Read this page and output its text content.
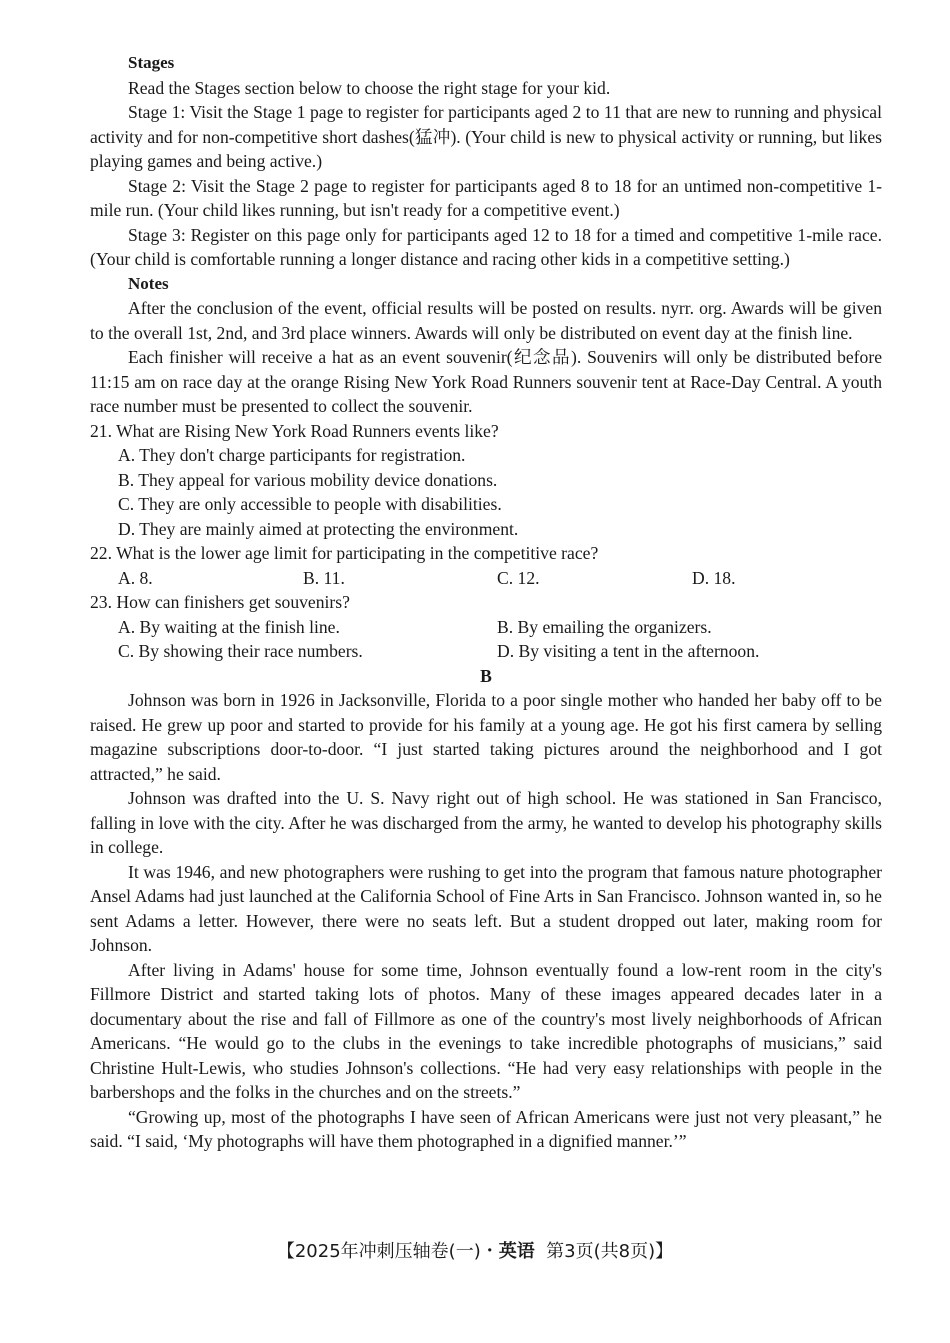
Stages

Read the Stages section below to choose the right stage for your kid.

Stage 1: Visit the Stage 1 page to register for participants aged 2 to 11 that are new to running and physical activity and for non-competitive short dashes(猛冲). (Your child is new to physical activity or running, but likes playing games and being active.)

Stage 2: Visit the Stage 2 page to register for participants aged 8 to 18 for an untimed non-competitive 1-mile run. (Your child likes running, but isn't ready for a competitive event.)

Stage 3: Register on this page only for participants aged 12 to 18 for a timed and competitive 1-mile race. (Your child is comfortable running a longer distance and racing other kids in a competitive setting.)

Notes

After the conclusion of the event, official results will be posted on results. nyrr. org. Awards will be given to the overall 1st, 2nd, and 3rd place winners. Awards will only be distributed on event day at the finish line.

Each finisher will receive a hat as an event souvenir(纪念品). Souvenirs will only be distributed before 11:15 am on race day at the orange Rising New York Road Runners souvenir tent at Race-Day Central. A youth race number must be presented to collect the souvenir.

21. What are Rising New York Road Runners events like?

A. They don't charge participants for registration.

B. They appeal for various mobility device donations.

C. They are only accessible to people with disabilities.

D. They are mainly aimed at protecting the environment.

22. What is the lower age limit for participating in the competitive race?

A. 8.	B. 11.	C. 12.	D. 18.

23. How can finishers get souvenirs?

A. By waiting at the finish line.	B. By emailing the organizers.
C. By showing their race numbers.	D. By visiting a tent in the afternoon.

B

Johnson was born in 1926 in Jacksonville, Florida to a poor single mother who handed her baby off to be raised. He grew up poor and started to provide for his family at a young age. He got his first camera by selling magazine subscriptions door-to-door. “I just started taking pictures around the neighborhood and I got attracted,” he said.

Johnson was drafted into the U. S. Navy right out of high school. He was stationed in San Francisco, falling in love with the city. After he was discharged from the army, he wanted to develop his photography skills in college.

It was 1946, and new photographers were rushing to get into the program that famous nature photographer Ansel Adams had just launched at the California School of Fine Arts in San Francisco. Johnson wanted in, so he sent Adams a letter. However, there were no seats left. But a student dropped out later, making room for Johnson.

After living in Adams' house for some time, Johnson eventually found a low-rent room in the city's Fillmore District and started taking lots of photos. Many of these images appeared decades later in a documentary about the rise and fall of Fillmore as one of the country's most lively neighborhoods of African Americans. “He would go to the clubs in the evenings to take incredible photographs of musicians,” said Christine Hult-Lewis, who studies Johnson's collections. “He had very easy relationships with people in the barbershops and the folks in the churches and on the streets.”

“Growing up, most of the photographs I have seen of African Americans were just not very pleasant,” he said. “I said, ‘My photographs will have them photographed in a dignified manner.’”

【2025年冲刺压轴卷(一)・英语  第3页(共8页)】
